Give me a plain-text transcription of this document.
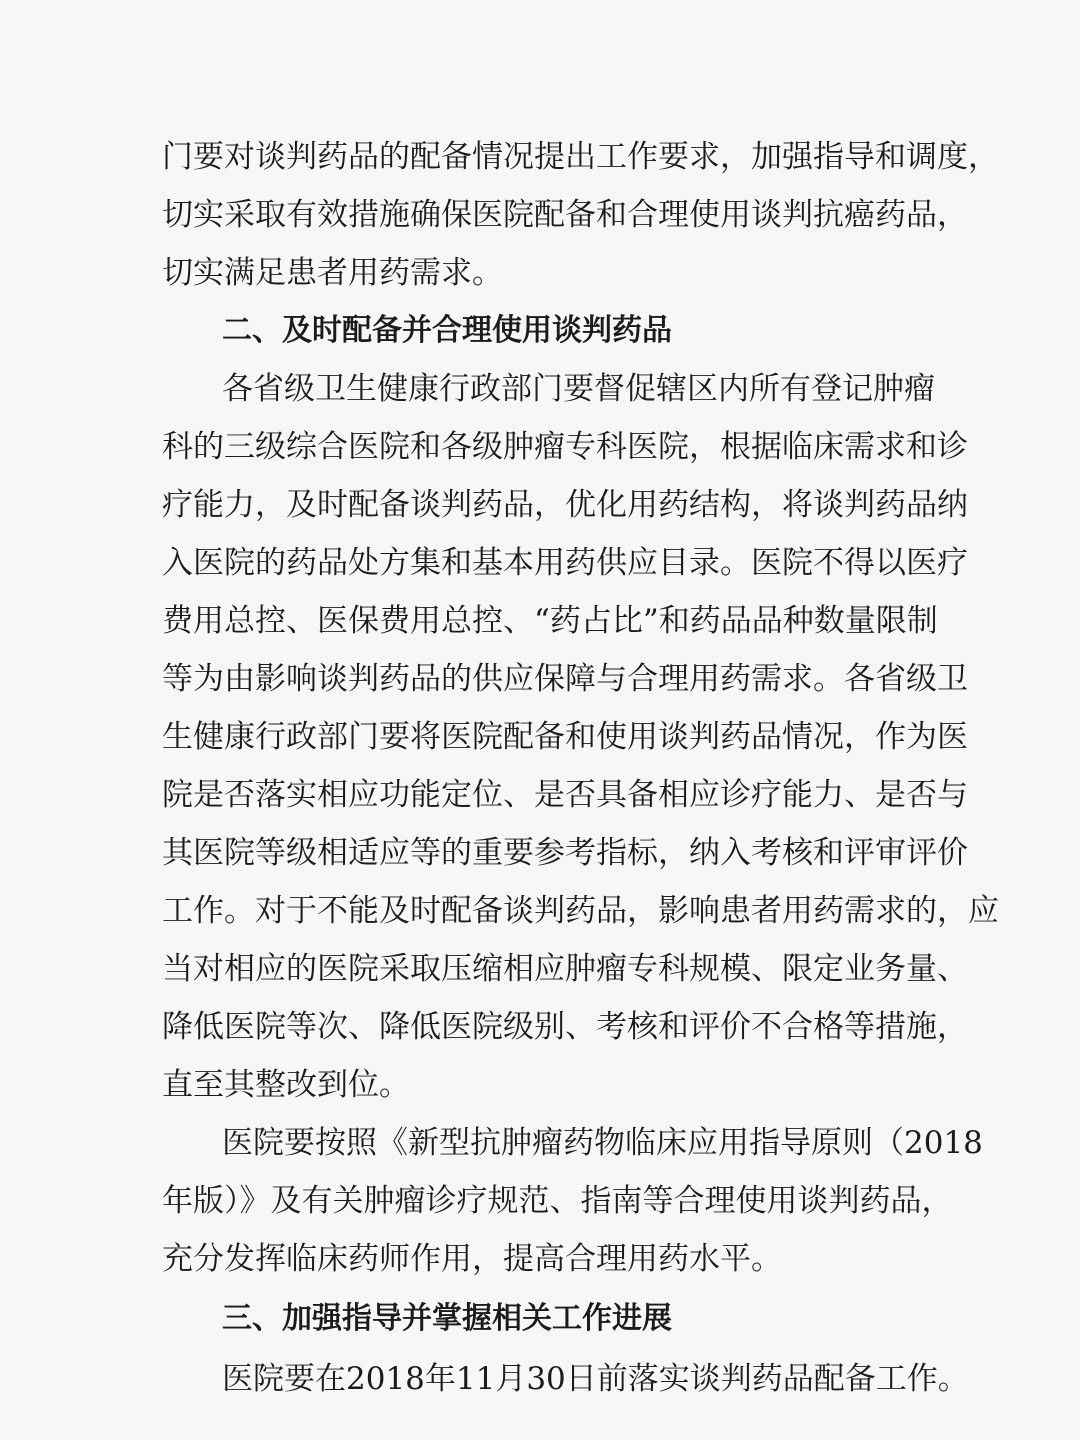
门要对谈判药品的配备情况提出工作要求，加强指导和调度，
切实采取有效措施确保医院配备和合理使用谈判抗癌药品，
切实满足患者用药需求。
二、及时配备并合理使用谈判药品
各省级卫生健康行政部门要督促辖区内所有登记肿瘤
科的三级综合医院和各级肿瘤专科医院，根据临床需求和诊
疗能力，及时配备谈判药品，优化用药结构，将谈判药品纳
入医院的药品处方集和基本用药供应目录。医院不得以医疗
费用总控、医保费用总控、“药占比”和药品品种数量限制
等为由影响谈判药品的供应保障与合理用药需求。各省级卫
生健康行政部门要将医院配备和使用谈判药品情况，作为医
院是否落实相应功能定位、是否具备相应诊疗能力、是否与
其医院等级相适应等的重要参考指标，纳入考核和评审评价
工作。对于不能及时配备谈判药品，影响患者用药需求的，应
当对相应的医院采取压缩相应肿瘤专科规模、限定业务量、
降低医院等次、降低医院级别、考核和评价不合格等措施，
直至其整改到位。
医院要按照《新型抗肿瘤药物临床应用指导原则（2018
年版）》及有关肿瘤诊疗规范、指南等合理使用谈判药品，
充分发挥临床药师作用，提高合理用药水平。
三、加强指导并掌握相关工作进展
医院要在2018年11月30日前落实谈判药品配备工作。
